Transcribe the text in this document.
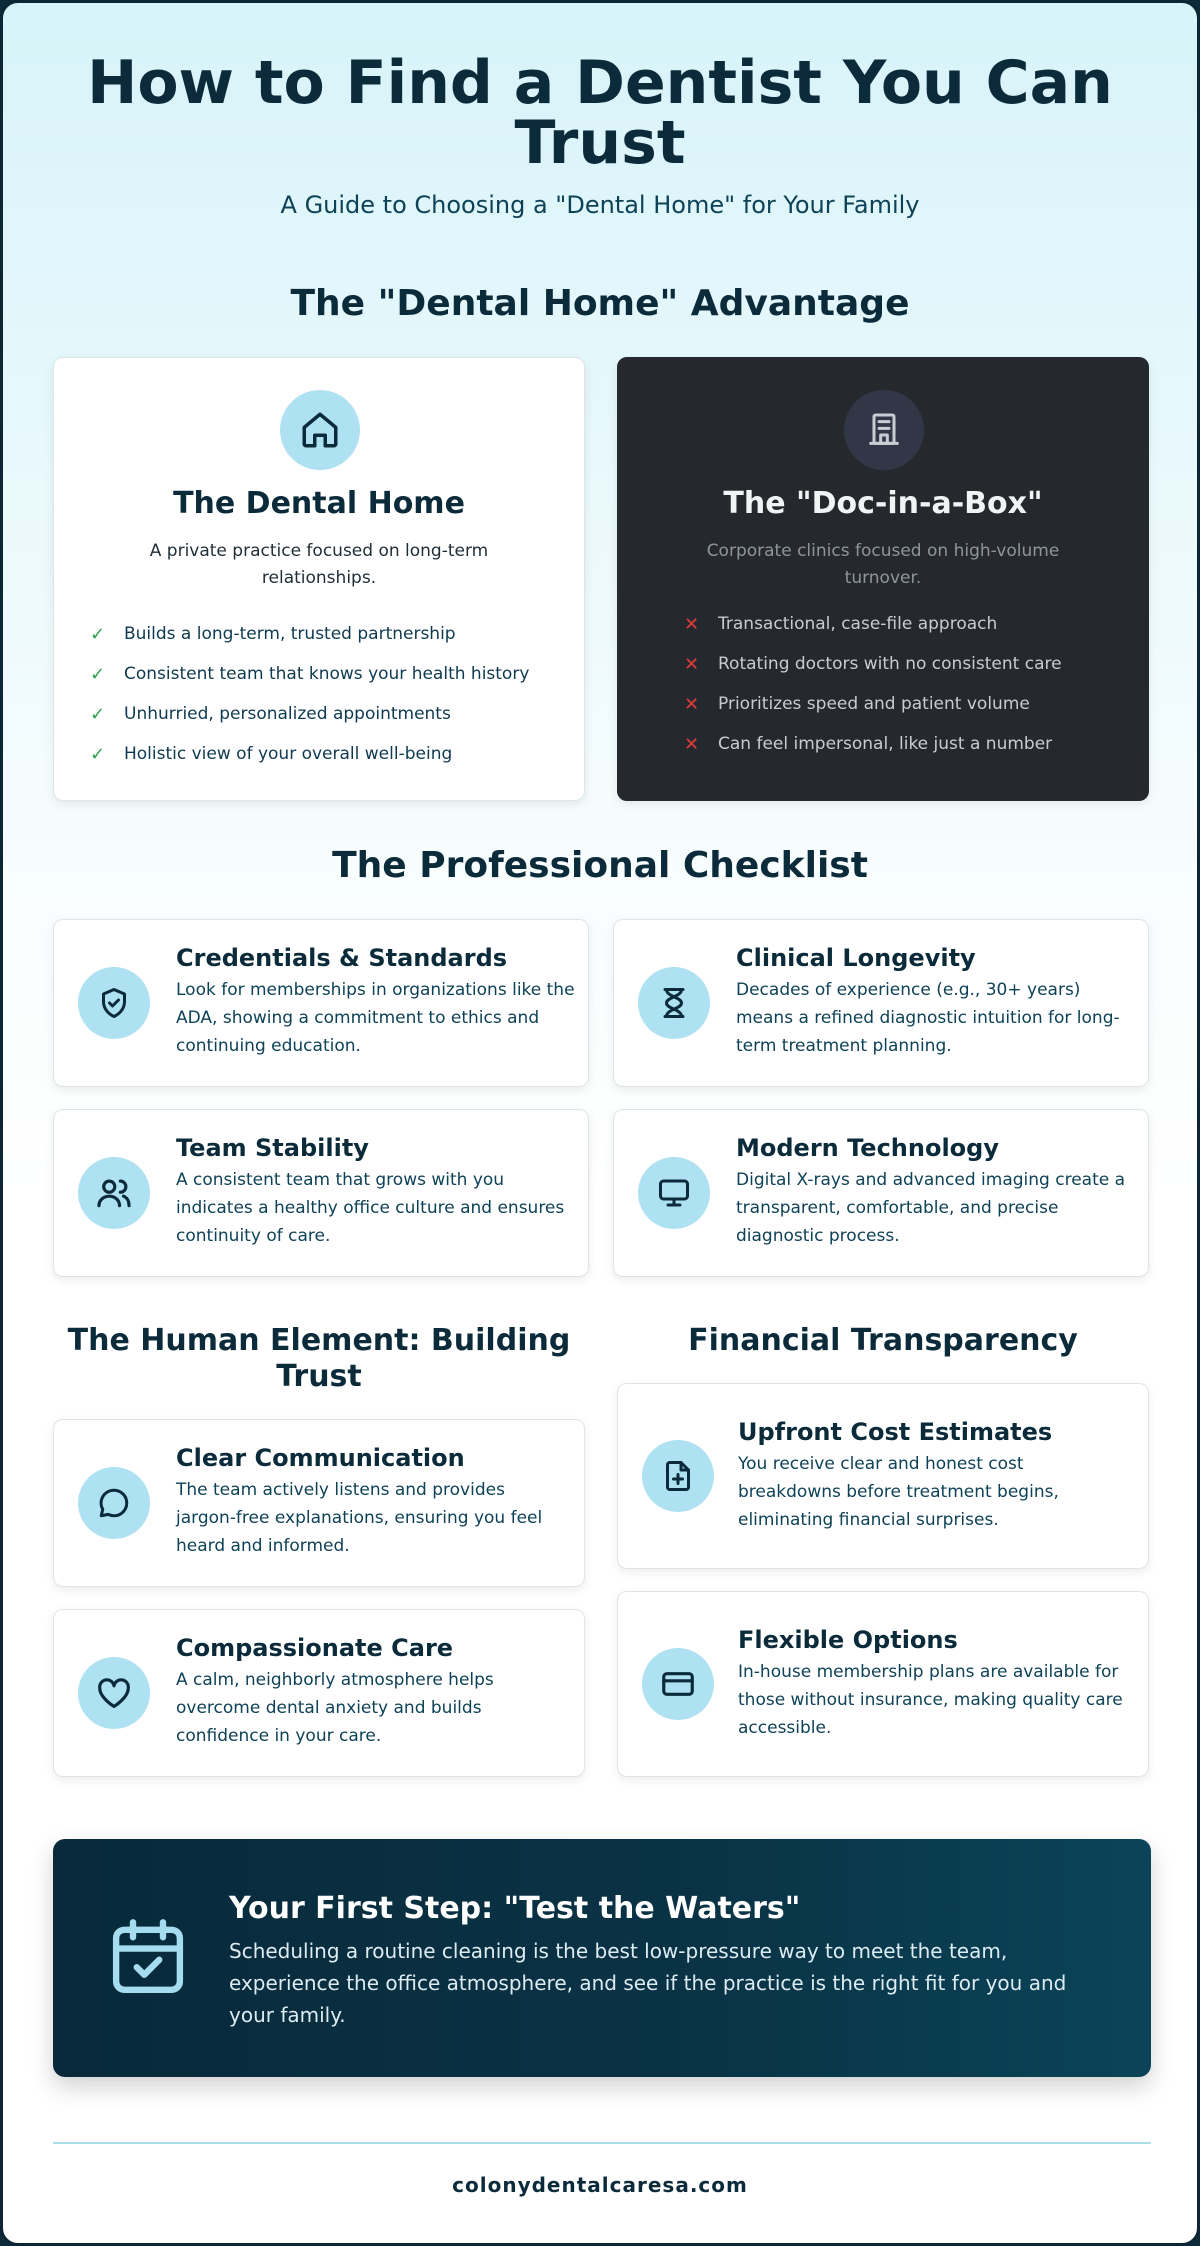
How to Find a Dentist You Can Trust
A Guide to Choosing a "Dental Home" for Your Family
The "Dental Home" Advantage
The Dental Home
A private practice focused on long-term relationships.
✓	Builds a long-term, trusted partnership
✓	Consistent team that knows your health history
✓	Unhurried, personalized appointments
✓	Holistic view of your overall well-being
The "Doc-in-a-Box"
Corporate clinics focused on high-volume turnover.
✕	Transactional, case-file approach
✕	Rotating doctors with no consistent care
✕	Prioritizes speed and patient volume
✕	Can feel impersonal, like just a number
The Professional Checklist
Credentials & Standards
Look for memberships in organizations like the ADA, showing a commitment to ethics and continuing education.
Clinical Longevity
Decades of experience (e.g., 30+ years) means a refined diagnostic intuition for long-term treatment planning.
Team Stability
A consistent team that grows with you indicates a healthy office culture and ensures continuity of care.
Modern Technology
Digital X-rays and advanced imaging create a transparent, comfortable, and precise diagnostic process.
The Human Element: Building Trust
Clear Communication
The team actively listens and provides jargon-free explanations, ensuring you feel heard and informed.
Compassionate Care
A calm, neighborly atmosphere helps overcome dental anxiety and builds confidence in your care.
Financial Transparency
Upfront Cost Estimates
You receive clear and honest cost breakdowns before treatment begins, eliminating financial surprises.
Flexible Options
In-house membership plans are available for those without insurance, making quality care accessible.
Your First Step: "Test the Waters"
Scheduling a routine cleaning is the best low-pressure way to meet the team, experience the office atmosphere, and see if the practice is the right fit for you and your family.
colonydentalcaresa.com
